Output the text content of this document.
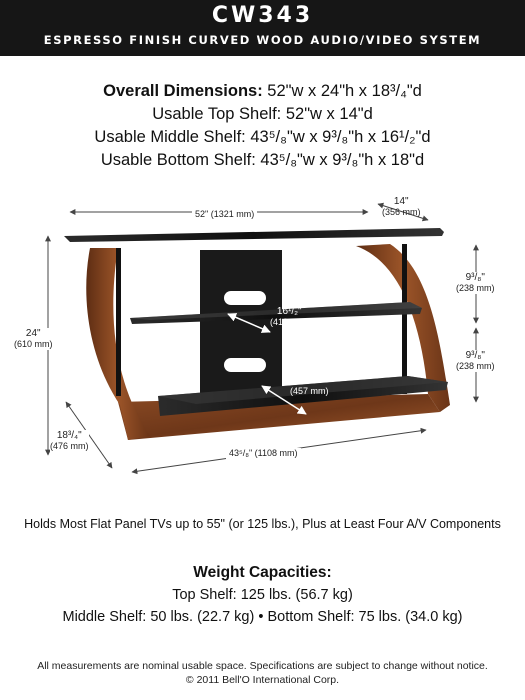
CW343
ESPRESSO FINISH CURVED WOOD AUDIO/VIDEO SYSTEM
Overall Dimensions: 52"w x 24"h x 18³/₄"d
Usable Top Shelf: 52"w x 14"d
Usable Middle Shelf: 43⁵/₈"w x 9³/₈"h x 16¹/₂"d
Usable Bottom Shelf: 43⁵/₈"w x 9³/₈"h x 18"d
52" (1321 mm)
14"
(356 mm)
24"
(610 mm)
9³/₈"
(238 mm)
9³/₈"
(238 mm)
16¹/₂"
(419 mm)
18"
(457 mm)
18³/₄"
(476 mm)
43⁵/₈" (1108 mm)
Holds Most Flat Panel TVs up to 55" (or 125 lbs.), Plus at Least Four A/V Components
Weight Capacities:
Top Shelf: 125 lbs. (56.7 kg)
Middle Shelf: 50 lbs. (22.7 kg) • Bottom Shelf: 75 lbs. (34.0 kg)
All measurements are nominal usable space. Specifications are subject to change without notice.
© 2011 Bell'O International Corp.
